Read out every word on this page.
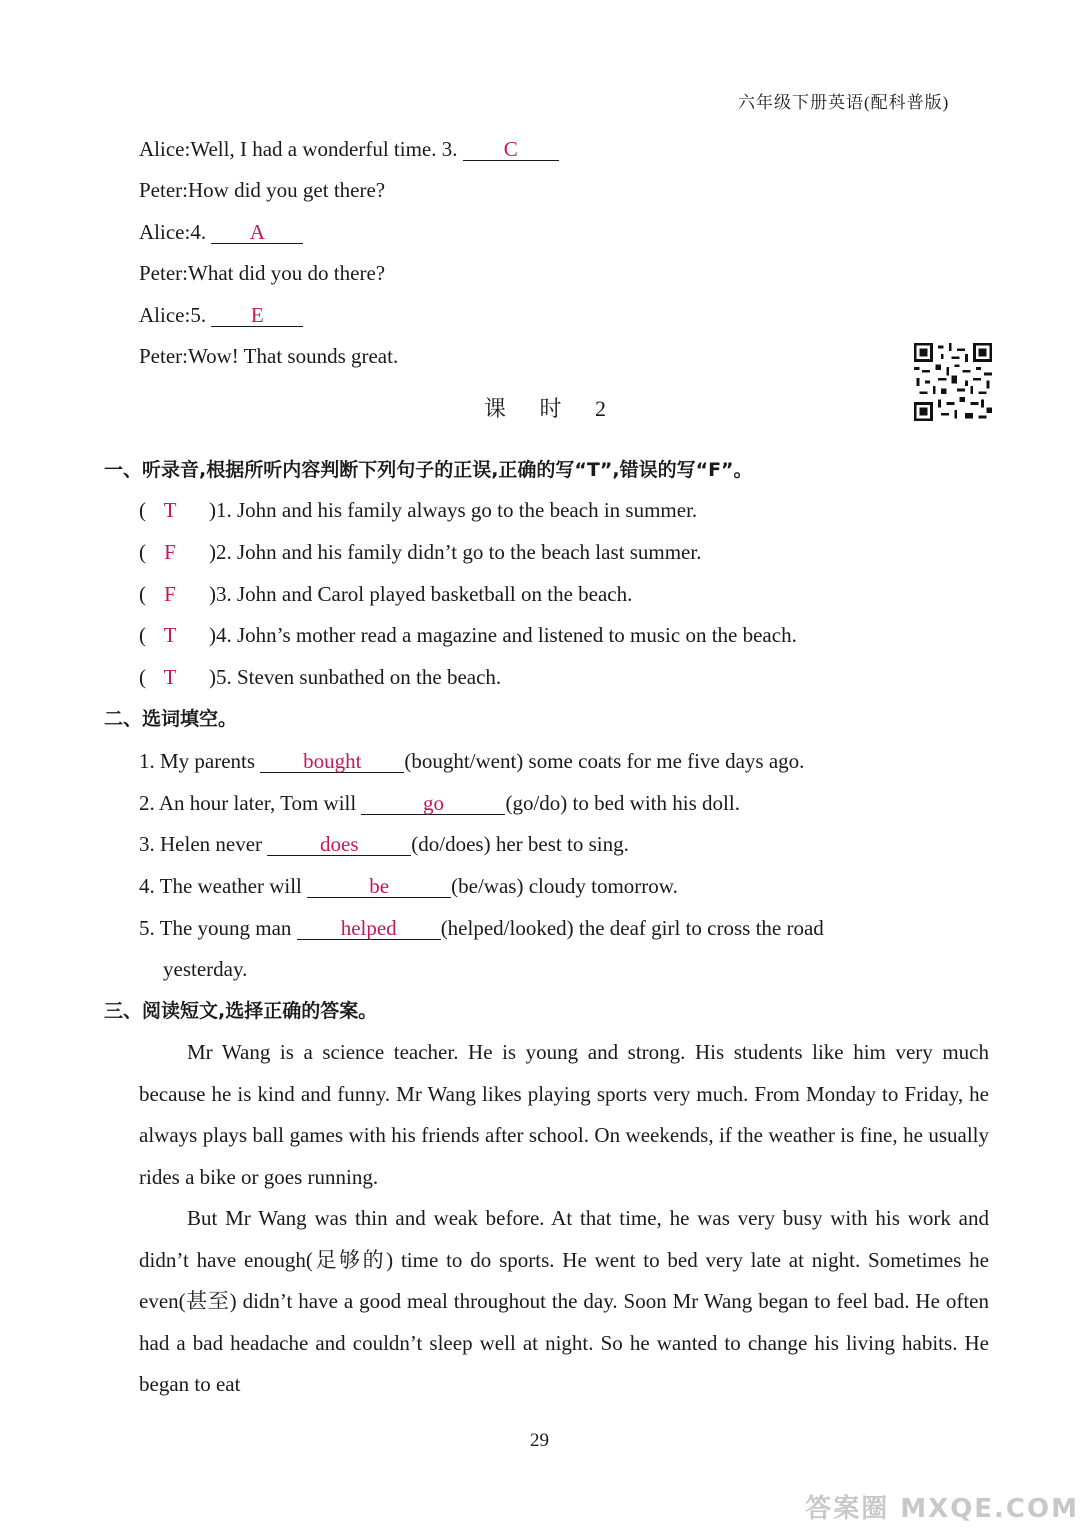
六年级下册英语(配科普版)
Alice:Well, I had a wonderful time. 3. C
Peter:How did you get there?
Alice:4. A
Peter:What did you do there?
Alice:5. E
Peter:Wow! That sounds great.
课 时 2
一、听录音,根据所听内容判断下列句子的正误,正确的写“T”,错误的写“F”。
( T )1. John and his family always go to the beach in summer.
( F )2. John and his family didn’t go to the beach last summer.
( F )3. John and Carol played basketball on the beach.
( T )4. John’s mother read a magazine and listened to music on the beach.
( T )5. Steven sunbathed on the beach.
二、选词填空。
1. My parents bought (bought/went) some coats for me five days ago.
2. An hour later, Tom will	go	(go/do) to bed with his doll.
3. Helen never	does	(do/does) her best to sing.
4. The weather will	be	(be/was) cloudy tomorrow.
5. The young man helped (helped/looked) the deaf girl to cross the road
yesterday.
三、阅读短文,选择正确的答案。

Mr Wang is a science teacher. He is young and strong. His students like him very much because he is kind and funny. Mr Wang likes playing sports very much. From Monday to Friday, he always plays ball games with his friends after school. On weekends, if the weather is fine, he usually rides a bike or goes running.

But Mr Wang was thin and weak before. At that time, he was very busy with his work and didn’t have enough(足够的) time to do sports. He went to bed very late at night. Sometimes he even(甚至) didn’t have a good meal throughout the day. Soon Mr Wang began to feel bad. He often had a bad headache and couldn’t sleep well at night. So he wanted to change his living habits. He began to eat

29
答案圈 MXQE.COM
